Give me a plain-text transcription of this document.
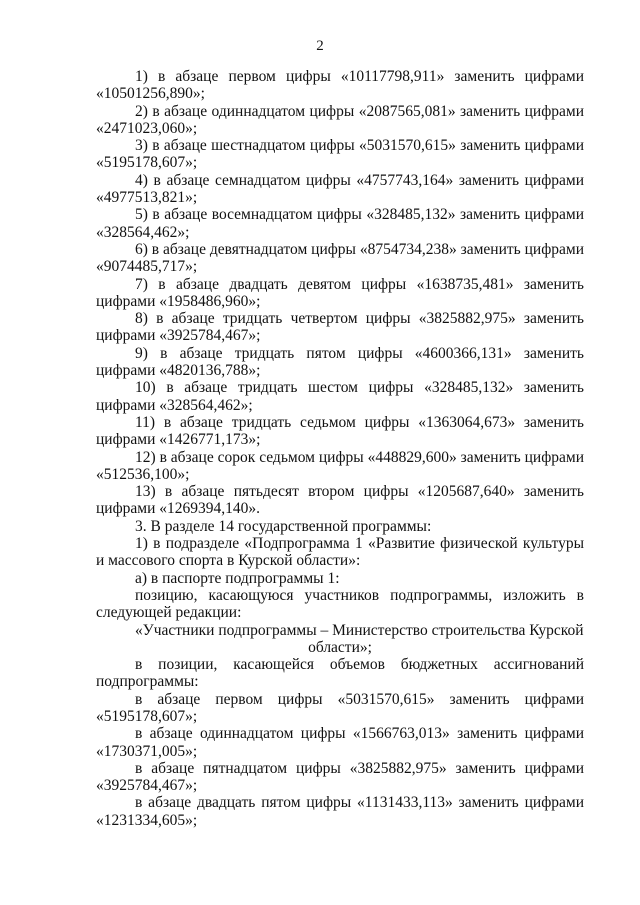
2

1) в абзаце первом цифры «10117798,911» заменить цифрами «10501256,890»;

2) в абзаце одиннадцатом цифры «2087565,081» заменить цифрами «2471023,060»;

3) в абзаце шестнадцатом цифры «5031570,615» заменить цифрами «5195178,607»;

4) в абзаце семнадцатом цифры «4757743,164» заменить цифрами «4977513,821»;

5) в абзаце восемнадцатом цифры «328485,132» заменить цифрами «328564,462»;

6) в абзаце девятнадцатом цифры «8754734,238» заменить цифрами «9074485,717»;

7) в абзаце двадцать девятом цифры «1638735,481» заменить цифрами «1958486,960»;

8) в абзаце тридцать четвертом цифры «3825882,975» заменить цифрами «3925784,467»;

9) в абзаце тридцать пятом цифры «4600366,131» заменить цифрами «4820136,788»;

10) в абзаце тридцать шестом цифры «328485,132» заменить цифрами «328564,462»;

11) в абзаце тридцать седьмом цифры «1363064,673» заменить цифрами «1426771,173»;

12) в абзаце сорок седьмом цифры «448829,600» заменить цифрами «512536,100»;

13) в абзаце пятьдесят втором цифры «1205687,640» заменить цифрами «1269394,140».

3. В разделе 14 государственной программы:

1) в подразделе «Подпрограмма 1 «Развитие физической культуры и массового спорта в Курской области»:

а) в паспорте подпрограммы 1:

позицию, касающуюся участников подпрограммы, изложить в следующей редакции:

«Участники подпрограммы – Министерство строительства Курской

области»;

в позиции, касающейся объемов бюджетных ассигнований подпрограммы:

в абзаце первом цифры «5031570,615» заменить цифрами «5195178,607»;

в абзаце одиннадцатом цифры «1566763,013» заменить цифрами «1730371,005»;

в абзаце пятнадцатом цифры «3825882,975» заменить цифрами «3925784,467»;

в абзаце двадцать пятом цифры «1131433,113» заменить цифрами «1231334,605»;
